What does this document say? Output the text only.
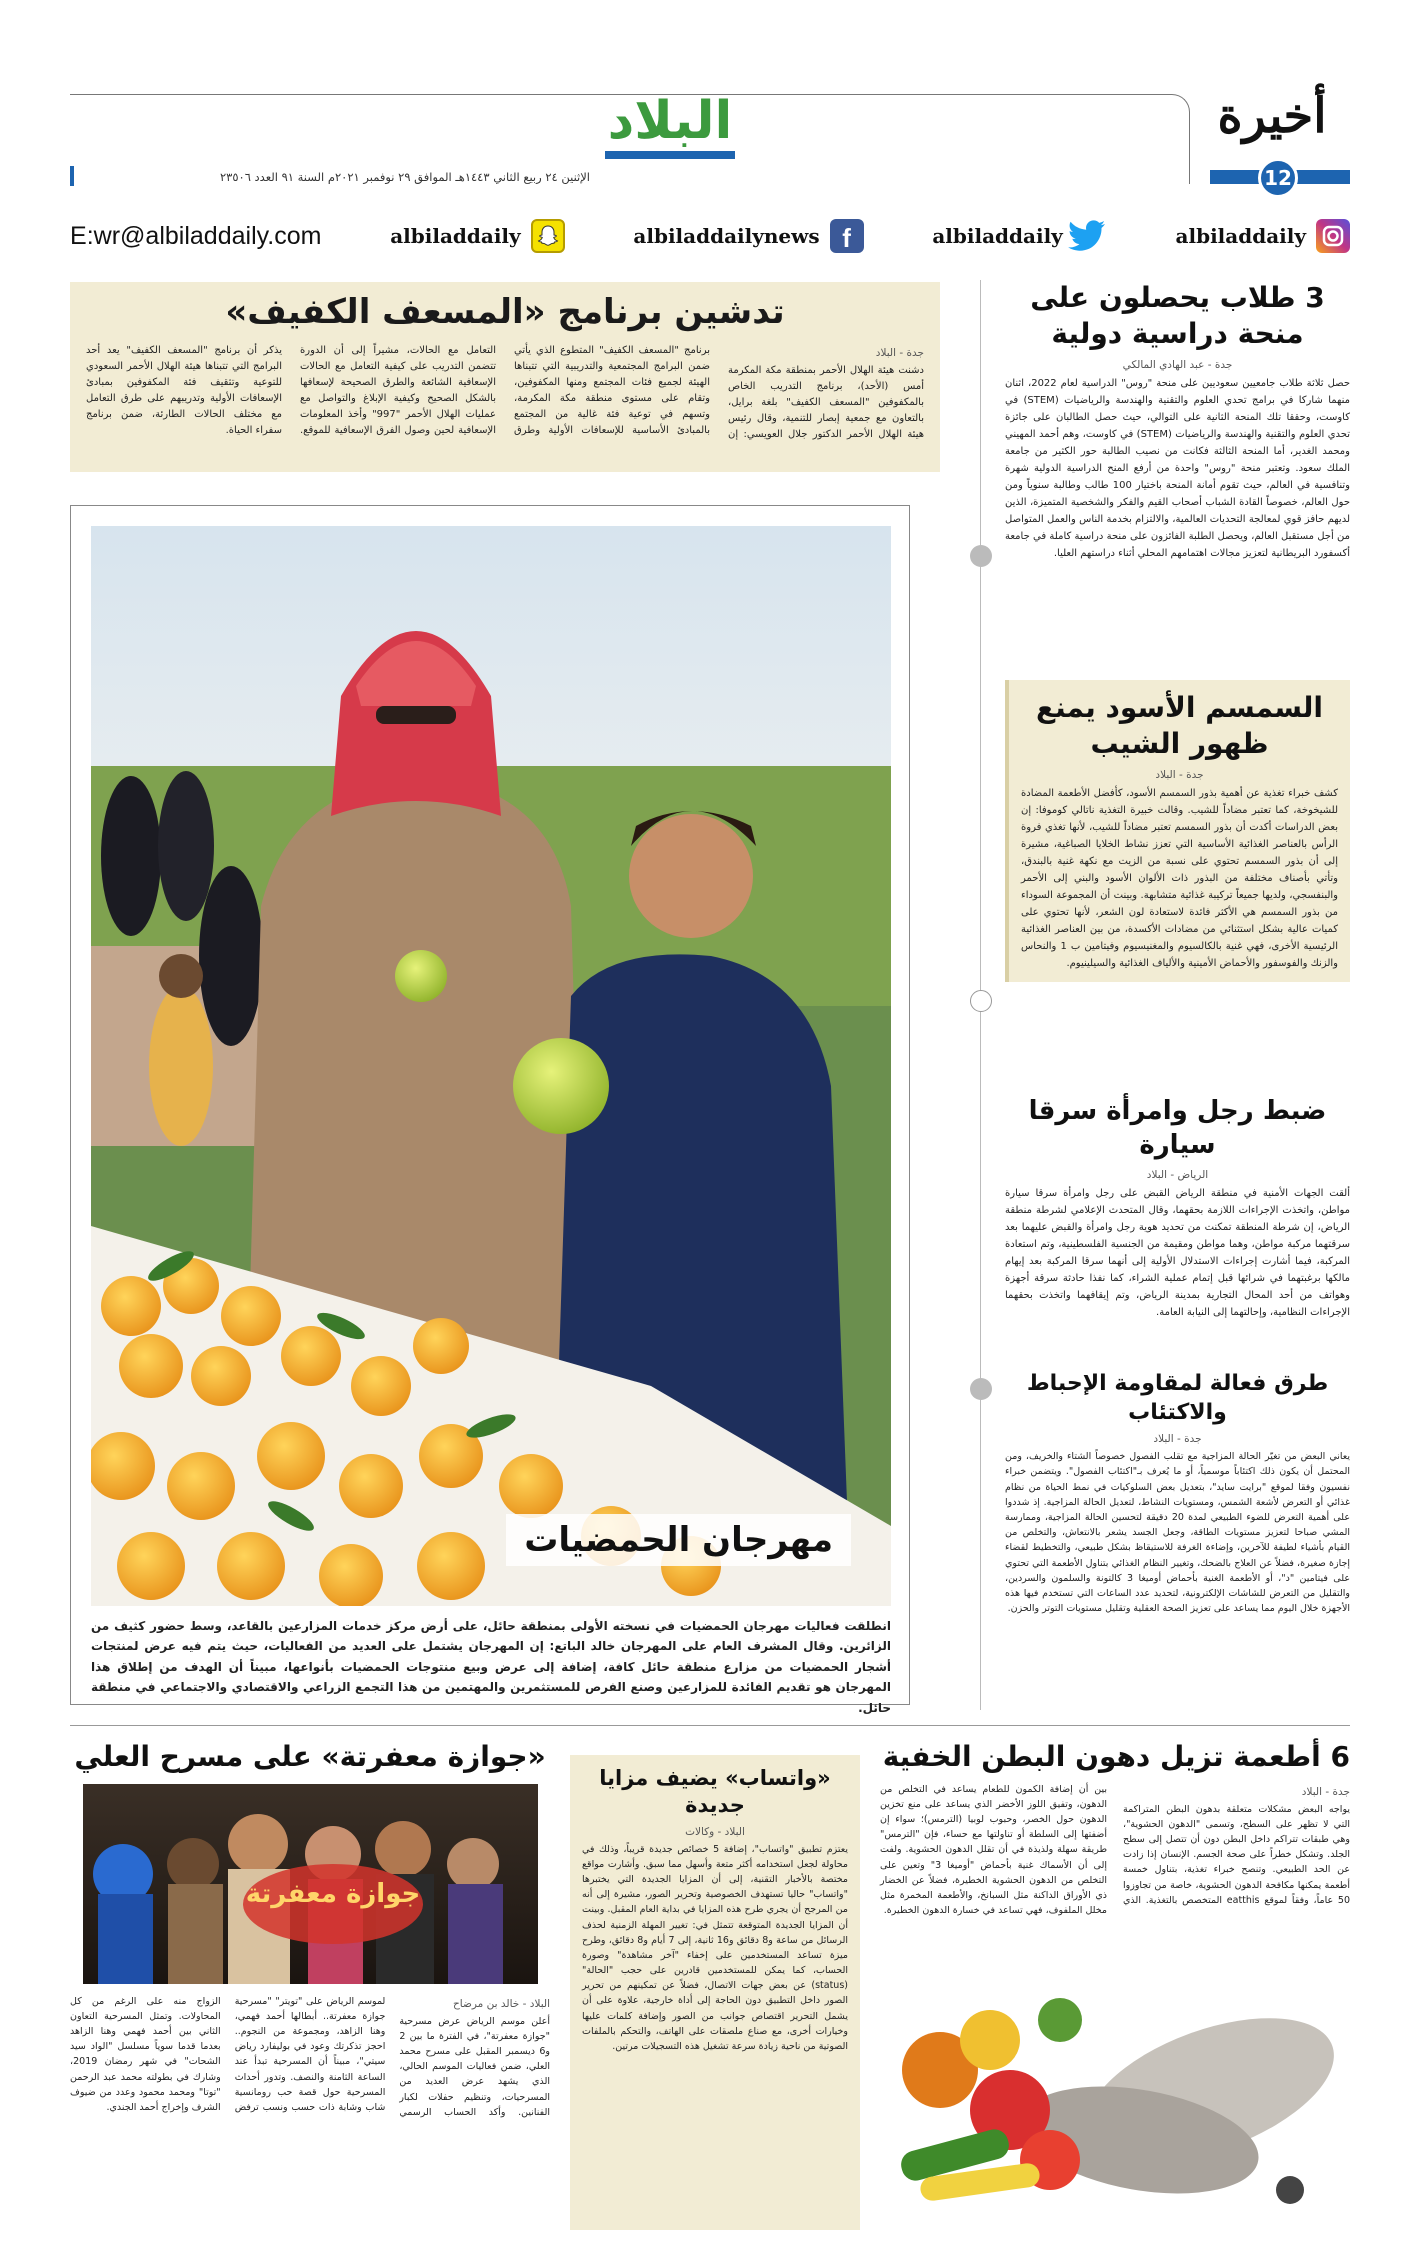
أخيرة
12
البلاد
الإثنين ٢٤ ربيع الثاني ١٤٤٣هـ الموافق ٢٩ نوفمبر ٢٠٢١م السنة ٩١ العدد ٢٣٥٠٦
albiladdaily
albiladdaily
f
albiladdailynews
albiladdaily
E:wr@albiladdaily.com
تدشين برنامج «المسعف الكفيف»
جدة - البلاد
دشنت هيئة الهلال الأحمر بمنطقة مكة المكرمة أمس (الأحد)، برنامج التدريب الخاص بالمكفوفين "المسعف الكفيف" بلغة برايل، بالتعاون مع جمعية إبصار للتنمية، وقال رئيس هيئة الهلال الأحمر الدكتور جلال العويسي: إن برنامج "المسعف الكفيف" المتطوع الذي يأتي ضمن البرامج المجتمعية والتدريبية التي تتبناها الهيئة لجميع فئات المجتمع ومنها المكفوفين، وتقام على مستوى منطقة مكة المكرمة، وتسهم في توعية فئة غالية من المجتمع بالمبادئ الأساسية للإسعافات الأولية وطرق التعامل مع الحالات، مشيراً إلى أن الدورة تتضمن التدريب على كيفية التعامل مع الحالات الإسعافية الشائعة والطرق الصحيحة لإسعافها بالشكل الصحيح وكيفية الإبلاغ والتواصل مع عمليات الهلال الأحمر "997" وأخذ المعلومات الإسعافية لحين وصول الفرق الإسعافية للموقع. يذكر أن برنامج "المسعف الكفيف" يعد أحد البرامج التي تتبناها هيئة الهلال الأحمر السعودي للتوعية وتثقيف فئة المكفوفين بمبادئ الإسعافات الأولية وتدريبهم على طرق التعامل مع مختلف الحالات الطارئة، ضمن برنامج سفراء الحياة.
مهرجان الحمضيات
انطلقت فعاليات مهرجان الحمضيات في نسخته الأولى بمنطقة حائل، على أرض مركز خدمات المزارعين بالقاعد، وسط حضور كثيف من الزائرين. وقال المشرف العام على المهرجان خالد الباتع: إن المهرجان يشتمل على العديد من الفعاليات، حيث يتم فيه عرض لمنتجات أشجار الحمضيات من مزارع منطقة حائل كافة، إضافة إلى عرض وبيع منتوجات الحمضيات بأنواعها، مبيناً أن الهدف من إطلاق هذا المهرجان هو تقديم الفائدة للمزارعين وصنع الفرص للمستثمرين والمهتمين من هذا التجمع الزراعي والاقتصادي والاجتماعي في منطقة حائل.
3 طلاب يحصلون على منحة دراسية دولية
جدة - عبد الهادي المالكي
حصل ثلاثة طلاب جامعيين سعوديين على منحة "روس" الدراسية لعام 2022، اثنان منهما شاركا في برامج تحدي العلوم والتقنية والهندسة والرياضيات (STEM) في كاوست، وحققا تلك المنحة الثانية على التوالي، حيث حصل الطالبان على جائزة تحدي العلوم والتقنية والهندسة والرياضيات (STEM) في كاوست، وهم أحمد المهيني ومحمد الغدير، أما المنحة الثالثة فكانت من نصيب الطالبة حور الكثير من جامعة الملك سعود. وتعتبر منحة "روس" واحدة من أرفع المنح الدراسية الدولية شهرة وتنافسية في العالم، حيث تقوم أمانة المنحة باختيار 100 طالب وطالبة سنوياً ومن حول العالم، خصوصاً القادة الشباب أصحاب القيم والفكر والشخصية المتميزة، الذين لديهم حافز قوي لمعالجة التحديات العالمية، والالتزام بخدمة الناس والعمل المتواصل من أجل مستقبل العالم، ويحصل الطلبة الفائزون على منحة دراسية كاملة في جامعة أكسفورد البريطانية لتعزيز مجالات اهتمامهم المحلي أثناء دراستهم العليا.
السمسم الأسود يمنع ظهور الشيب
جدة - البلاد
كشف خبراء تغذية عن أهمية بذور السمسم الأسود، كأفضل الأطعمة المضادة للشيخوخة، كما تعتبر مضاداً للشيب. وقالت خبيرة التغذية ناتالي كوموفا: إن بعض الدراسات أكدت أن بذور السمسم تعتبر مضاداً للشيب، لأنها تغذي فروة الرأس بالعناصر الغذائية الأساسية التي تعزز نشاط الخلايا الصباغية، مشيرة إلى أن بذور السمسم تحتوي على نسبة من الزيت مع نكهة غنية بالبندق، وتأتي بأصناف مختلفة من البذور ذات الألوان الأسود والبني إلى الأحمر والبنفسجي، ولديها جميعاً تركيبة غذائية متشابهة. وبينت أن المجموعة السوداء من بذور السمسم هي الأكثر فائدة لاستعادة لون الشعر، لأنها تحتوي على كميات عالية بشكل استثنائي من مضادات الأكسدة، من بين العناصر الغذائية الرئيسية الأخرى، فهي غنية بالكالسيوم والمغنيسيوم وفيتامين ب 1 والنحاس والزنك والفوسفور والأحماض الأمينية والألياف الغذائية والسيلينيوم.
ضبط رجل وامرأة سرقا سيارة
الرياض - البلاد
ألقت الجهات الأمنية في منطقة الرياض القبض على رجل وامرأة سرقا سيارة مواطن، واتخذت الإجراءات اللازمة بحقهما، وقال المتحدث الإعلامي لشرطة منطقة الرياض، إن شرطة المنطقة تمكنت من تحديد هوية رجل وامرأة والقبض عليهما بعد سرقتهما مركبة مواطن، وهما مواطن ومقيمة من الجنسية الفلسطينية، وتم استعادة المركبة، فيما أشارت إجراءات الاستدلال الأولية إلى أنهما سرقا المركبة بعد إيهام مالكها برغبتهما في شرائها قبل إتمام عملية الشراء، كما نفذا حادثة سرقة أجهزة وهواتف من أحد المحال التجارية بمدينة الرياض، وتم إيقافهما واتخذت بحقهما الإجراءات النظامية، وإحالتهما إلى النيابة العامة.
طرق فعالة لمقاومة الإحباط والاكتئاب
جدة - البلاد
يعاني البعض من تغيّر الحالة المزاجية مع تقلب الفصول خصوصاً الشتاء والخريف، ومن المحتمل أن يكون ذلك اكتئاباً موسمياً، أو ما يُعرف بـ"اكتئاب الفصول". ويتضمن خبراء نفسيون وفقا لموقع "برايت سايد"، بتعديل بعض السلوكيات في نمط الحياة من نظام غذائي أو التعرض لأشعة الشمس، ومستويات النشاط، لتعديل الحالة المزاجية. إذ شددوا على أهمية التعرض للضوء الطبيعي لمدة 20 دقيقة لتحسين الحالة المزاجية، وممارسة المشي صباحا لتعزيز مستويات الطاقة، وجعل الجسد يشعر بالانتعاش، والتخلص من القيام بأشياء لطيفة للآخرين، وإضاءة الغرفة للاستيقاظ بشكل طبيعي، والتخطيط لقضاء إجازة صغيرة، فضلاً عن العلاج بالضحك، وتغيير النظام الغذائي بتناول الأطعمة التي تحتوي على فيتامين "د"، أو الأطعمة الغنية بأحماض أوميغا 3 كالتونة والسلمون والسردين، والتقليل من التعرض للشاشات الإلكترونية، لتحديد عدد الساعات التي تستخدم فيها هذه الأجهزة خلال اليوم مما يساعد على تعزيز الصحة العقلية وتقليل مستويات التوتر والحزن.
6 أطعمة تزيل دهون البطن الخفية
جدة - البلاد
يواجه البعض مشكلات متعلقة بدهون البطن المتراكمة التي لا تظهر على السطح، وتسمى "الدهون الحشوية"، وهي طبقات تتراكم داخل البطن دون أن تتصل إلى سطح الجلد. وتشكل خطراً على صحة الجسم. الإنسان إذا زادت عن الحد الطبيعي. وتنصح خبراء تغذية، بتناول خمسة أطعمة يمكنها مكافحة الدهون الحشوية، خاصة من تجاوزوا 50 عاماً، وفقاً لموقع eatthis المتخصص بالتغذية. الذي بين أن إضافة الكمون للطعام يساعد في التخلص من الدهون، وتفيق اللوز الأخضر الذي يساعد على منع تخزين الدهون حول الخصر، وحبوب لوبيا (الترمس)؛ سواء إن أضفتها إلى السلطة أو تناولتها مع حساء، فإن "الترمس" طريقة سهلة ولذيذة في أن تقلل الدهون الحشوية. ولفت إلى أن الأسماك غنية بأحماض "أوميغا 3" وتعين على التخلص من الدهون الحشوية الخطيرة، فضلاً عن الخضار ذي الأوراق الداكنة مثل السبانخ، والأطعمة المخمرة مثل مخلل الملفوف، فهي تساعد في خسارة الدهون الخطيرة.
«واتساب» يضيف مزايا جديدة
البلاد - وكالات
يعتزم تطبيق "واتساب"، إضافة 5 خصائص جديدة قريباً، وذلك في محاولة لجعل استخدامه أكثر متعة وأسهل مما سبق. وأشارت مواقع مختصة بالأخبار التقنية، إلى أن المزايا الجديدة التي يختبرها "واتساب" حاليا تستهدف الخصوصية وتحرير الصور، مشيرة إلى أنه من المرجح أن يجري طرح هذه المزايا في بداية العام المقبل. وبينت أن المزايا الجديدة المتوقعة تتمثل في: تغيير المهلة الزمنية لحذف الرسائل من ساعة و8 دقائق و16 ثانية، إلى 7 أيام و8 دقائق، وطرح ميزة تساعد المستخدمين على إخفاء "آخر مشاهدة" وصورة الحساب، كما يمكن للمستخدمين قادرين على حجب "الحالة" (status) عن بعض جهات الاتصال، فضلاً عن تمكينهم من تحرير الصور داخل التطبيق دون الحاجة إلى أداة خارجية، علاوة على أن يشمل التحرير اقتصاص جوانب من الصور وإضافة كلمات عليها وخيارات أخرى، مع صناع ملصقات على الهاتف، والتحكم بالملفات الصوتية من ناحية زيادة سرعة تشغيل هذه التسجيلات مرتين.
«جوازة معفرتة» على مسرح العلي
جوازة معفرتة
البلاد - خالد بن مرضاح
أعلن موسم الرياض عرض مسرحية "جوازة معفرتة"، في الفترة ما بين 2 و6 ديسمبر المقبل على مسرح محمد العلي، ضمن فعاليات الموسم الحالي، الذي يشهد عرض العديد من المسرحيات، وتنظيم حفلات لكبار الفنانين. وأكد الحساب الرسمي لموسم الرياض على "تويتر" "مسرحية جوازة معفرتة.. أبطالها أحمد فهمي، وهنا الزاهد، ومجموعة من النجوم.. احجز تذكرتك وعود في بوليفارد رياض سيتي"، مبيناً أن المسرحية تبدأ عند الساعة الثامنة والنصف. وتدور أحداث المسرحية حول قصة حب رومانسية شاب وشابة ذات حسب ونسب ترفض الزواج منه على الرغم من كل المحاولات. وتمثل المسرحية التعاون الثاني بين أحمد فهمي وهنا الزاهد بعدما قدما سوياً مسلسل "الواد سيد الشحات" في شهر رمضان 2019، وشارك في بطولته محمد عبد الرحمن "توتا" ومحمد محمود وعدد من ضيوف الشرف وإخراج أحمد الجندي.
